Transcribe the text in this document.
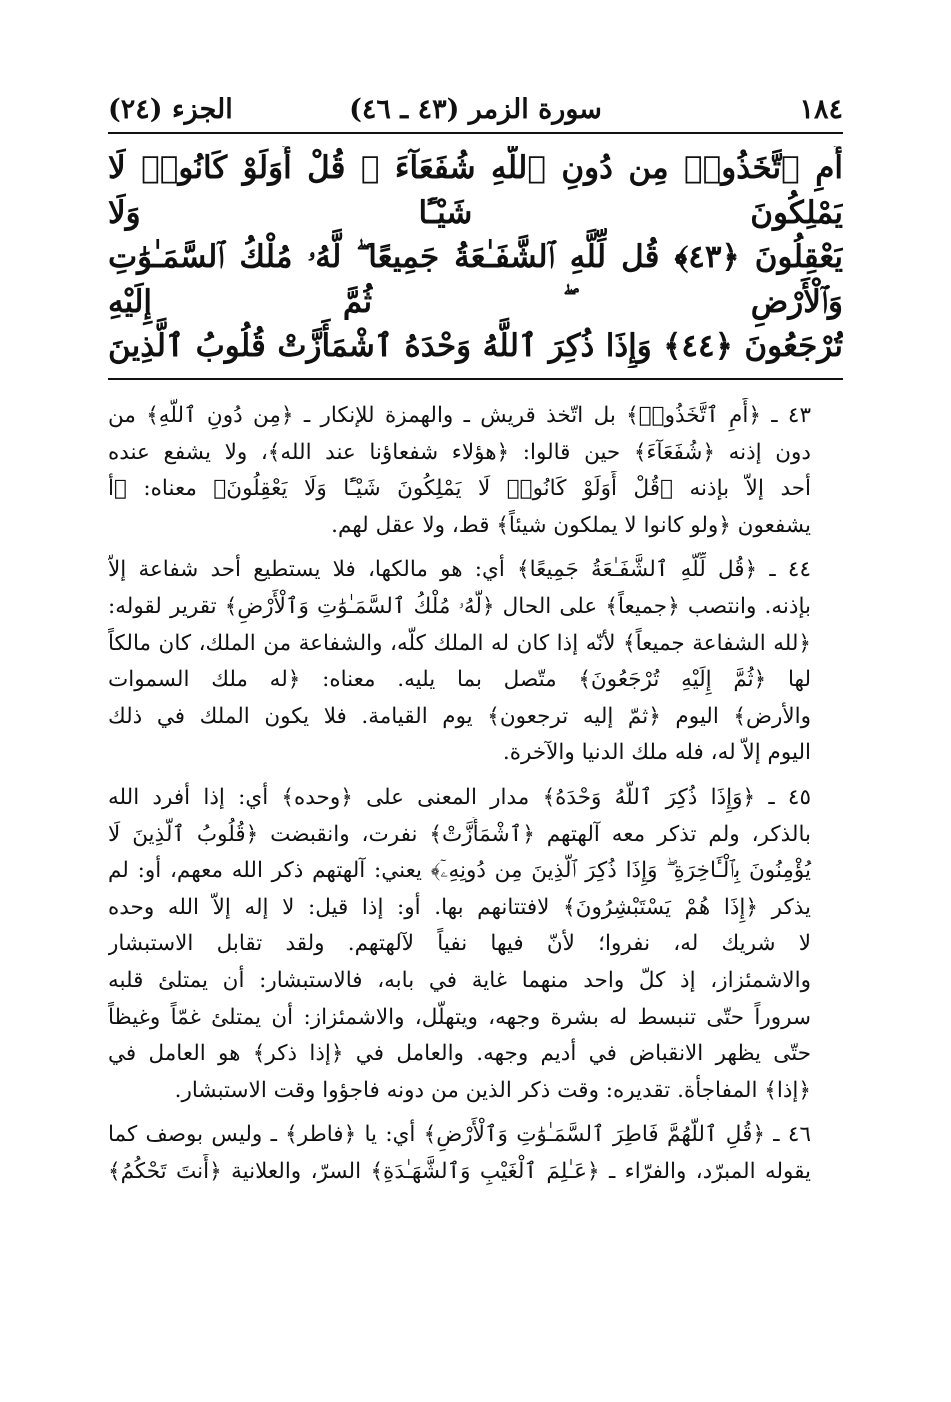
١٨٤
سورة الزمر (٤٣ ـ ٤٦)
الجزء (٢٤)
أَمِ ٱتَّخَذُوا۟ مِن دُونِ ٱللَّهِ شُفَعَآءَ ۚ قُلْ أَوَلَوْ كَانُوا۟ لَا يَمْلِكُونَ شَيْـًٔا وَلَا
يَعْقِلُونَ ﴿٤٣﴾ قُل لِّلَّهِ ٱلشَّفَـٰعَةُ جَمِيعًا ۖ لَّهُۥ مُلْكُ ٱلسَّمَـٰوَٰتِ وَٱلْأَرْضِ ۖ ثُمَّ إِلَيْهِ
تُرْجَعُونَ ﴿٤٤﴾ وَإِذَا ذُكِرَ ٱللَّهُ وَحْدَهُ ٱشْمَأَزَّتْ قُلُوبُ ٱلَّذِينَ
٤٣ ـ ﴿أَمِ ٱتَّخَذُوا۟﴾ بل اتّخذ قريش ـ والهمزة للإنكار ـ ﴿مِن دُونِ ٱللَّهِ﴾ من
دون إذنه ﴿شُفَعَآءَ﴾ حين قالوا: ﴿هؤلاء شفعاؤنا عند الله﴾، ولا يشفع عنده
أحد إلاّ بإذنه ﴿قُلْ أَوَلَوْ كَانُوا۟ لَا يَمْلِكُونَ شَيْـًٔا وَلَا يَعْقِلُونَ﴾ معناه: ﴿أ
يشفعون ﴿ولو كانوا لا يملكون شيئاً﴾ قط، ولا عقل لهم.
٤٤ ـ ﴿قُل لِّلَّهِ ٱلشَّفَـٰعَةُ جَمِيعًا﴾ أي: هو مالكها، فلا يستطيع أحد شفاعة إلاّ
بإذنه. وانتصب ﴿جميعاً﴾ على الحال ﴿لَّهُۥ مُلْكُ ٱلسَّمَـٰوَٰتِ وَٱلْأَرْضِ﴾ تقرير لقوله:
﴿لله الشفاعة جميعاً﴾ لأنّه إذا كان له الملك كلّه، والشفاعة من الملك، كان مالكاً
لها ﴿ثُمَّ إِلَيْهِ تُرْجَعُونَ﴾ متّصل بما يليه. معناه: ﴿له ملك السموات
والأرض﴾ اليوم ﴿ثمّ إليه ترجعون﴾ يوم القيامة. فلا يكون الملك في ذلك
اليوم إلاّ له، فله ملك الدنيا والآخرة.
٤٥ ـ ﴿وَإِذَا ذُكِرَ ٱللَّهُ وَحْدَهُ﴾ مدار المعنى على ﴿وحده﴾ أي: إذا أفرد الله
بالذكر، ولم تذكر معه آلهتهم ﴿ٱشْمَأَزَّتْ﴾ نفرت، وانقبضت ﴿قُلُوبُ ٱلَّذِينَ لَا
يُؤْمِنُونَ بِٱلْـَٔاخِرَةِ ۖ وَإِذَا ذُكِرَ ٱلَّذِينَ مِن دُونِهِۦٓ﴾ يعني: آلهتهم ذكر الله معهم، أو: لم
يذكر ﴿إِذَا هُمْ يَسْتَبْشِرُونَ﴾ لافتتانهم بها. أو: إذا قيل: لا إله إلاّ الله وحده
لا شريك له، نفروا؛ لأنّ فيها نفياً لآلهتهم. ولقد تقابل الاستبشار
والاشمئزاز، إذ كلّ واحد منهما غاية في بابه، فالاستبشار: أن يمتلئ قلبه
سروراً حتّى تنبسط له بشرة وجهه، ويتهلّل، والاشمئزاز: أن يمتلئ غمّاً وغيظاً
حتّى يظهر الانقباض في أديم وجهه. والعامل في ﴿إذا ذكر﴾ هو العامل في
﴿إذا﴾ المفاجأة. تقديره: وقت ذكر الذين من دونه فاجؤوا وقت الاستبشار.
٤٦ ـ ﴿قُلِ ٱللَّهُمَّ فَاطِرَ ٱلسَّمَـٰوَٰتِ وَٱلْأَرْضِ﴾ أي: يا ﴿فاطر﴾ ـ وليس بوصف كما
يقوله المبرّد، والفرّاء ـ ﴿عَـٰلِمَ ٱلْغَيْبِ وَٱلشَّهَـٰدَةِ﴾ السرّ، والعلانية ﴿أَنتَ تَحْكُمُ﴾
